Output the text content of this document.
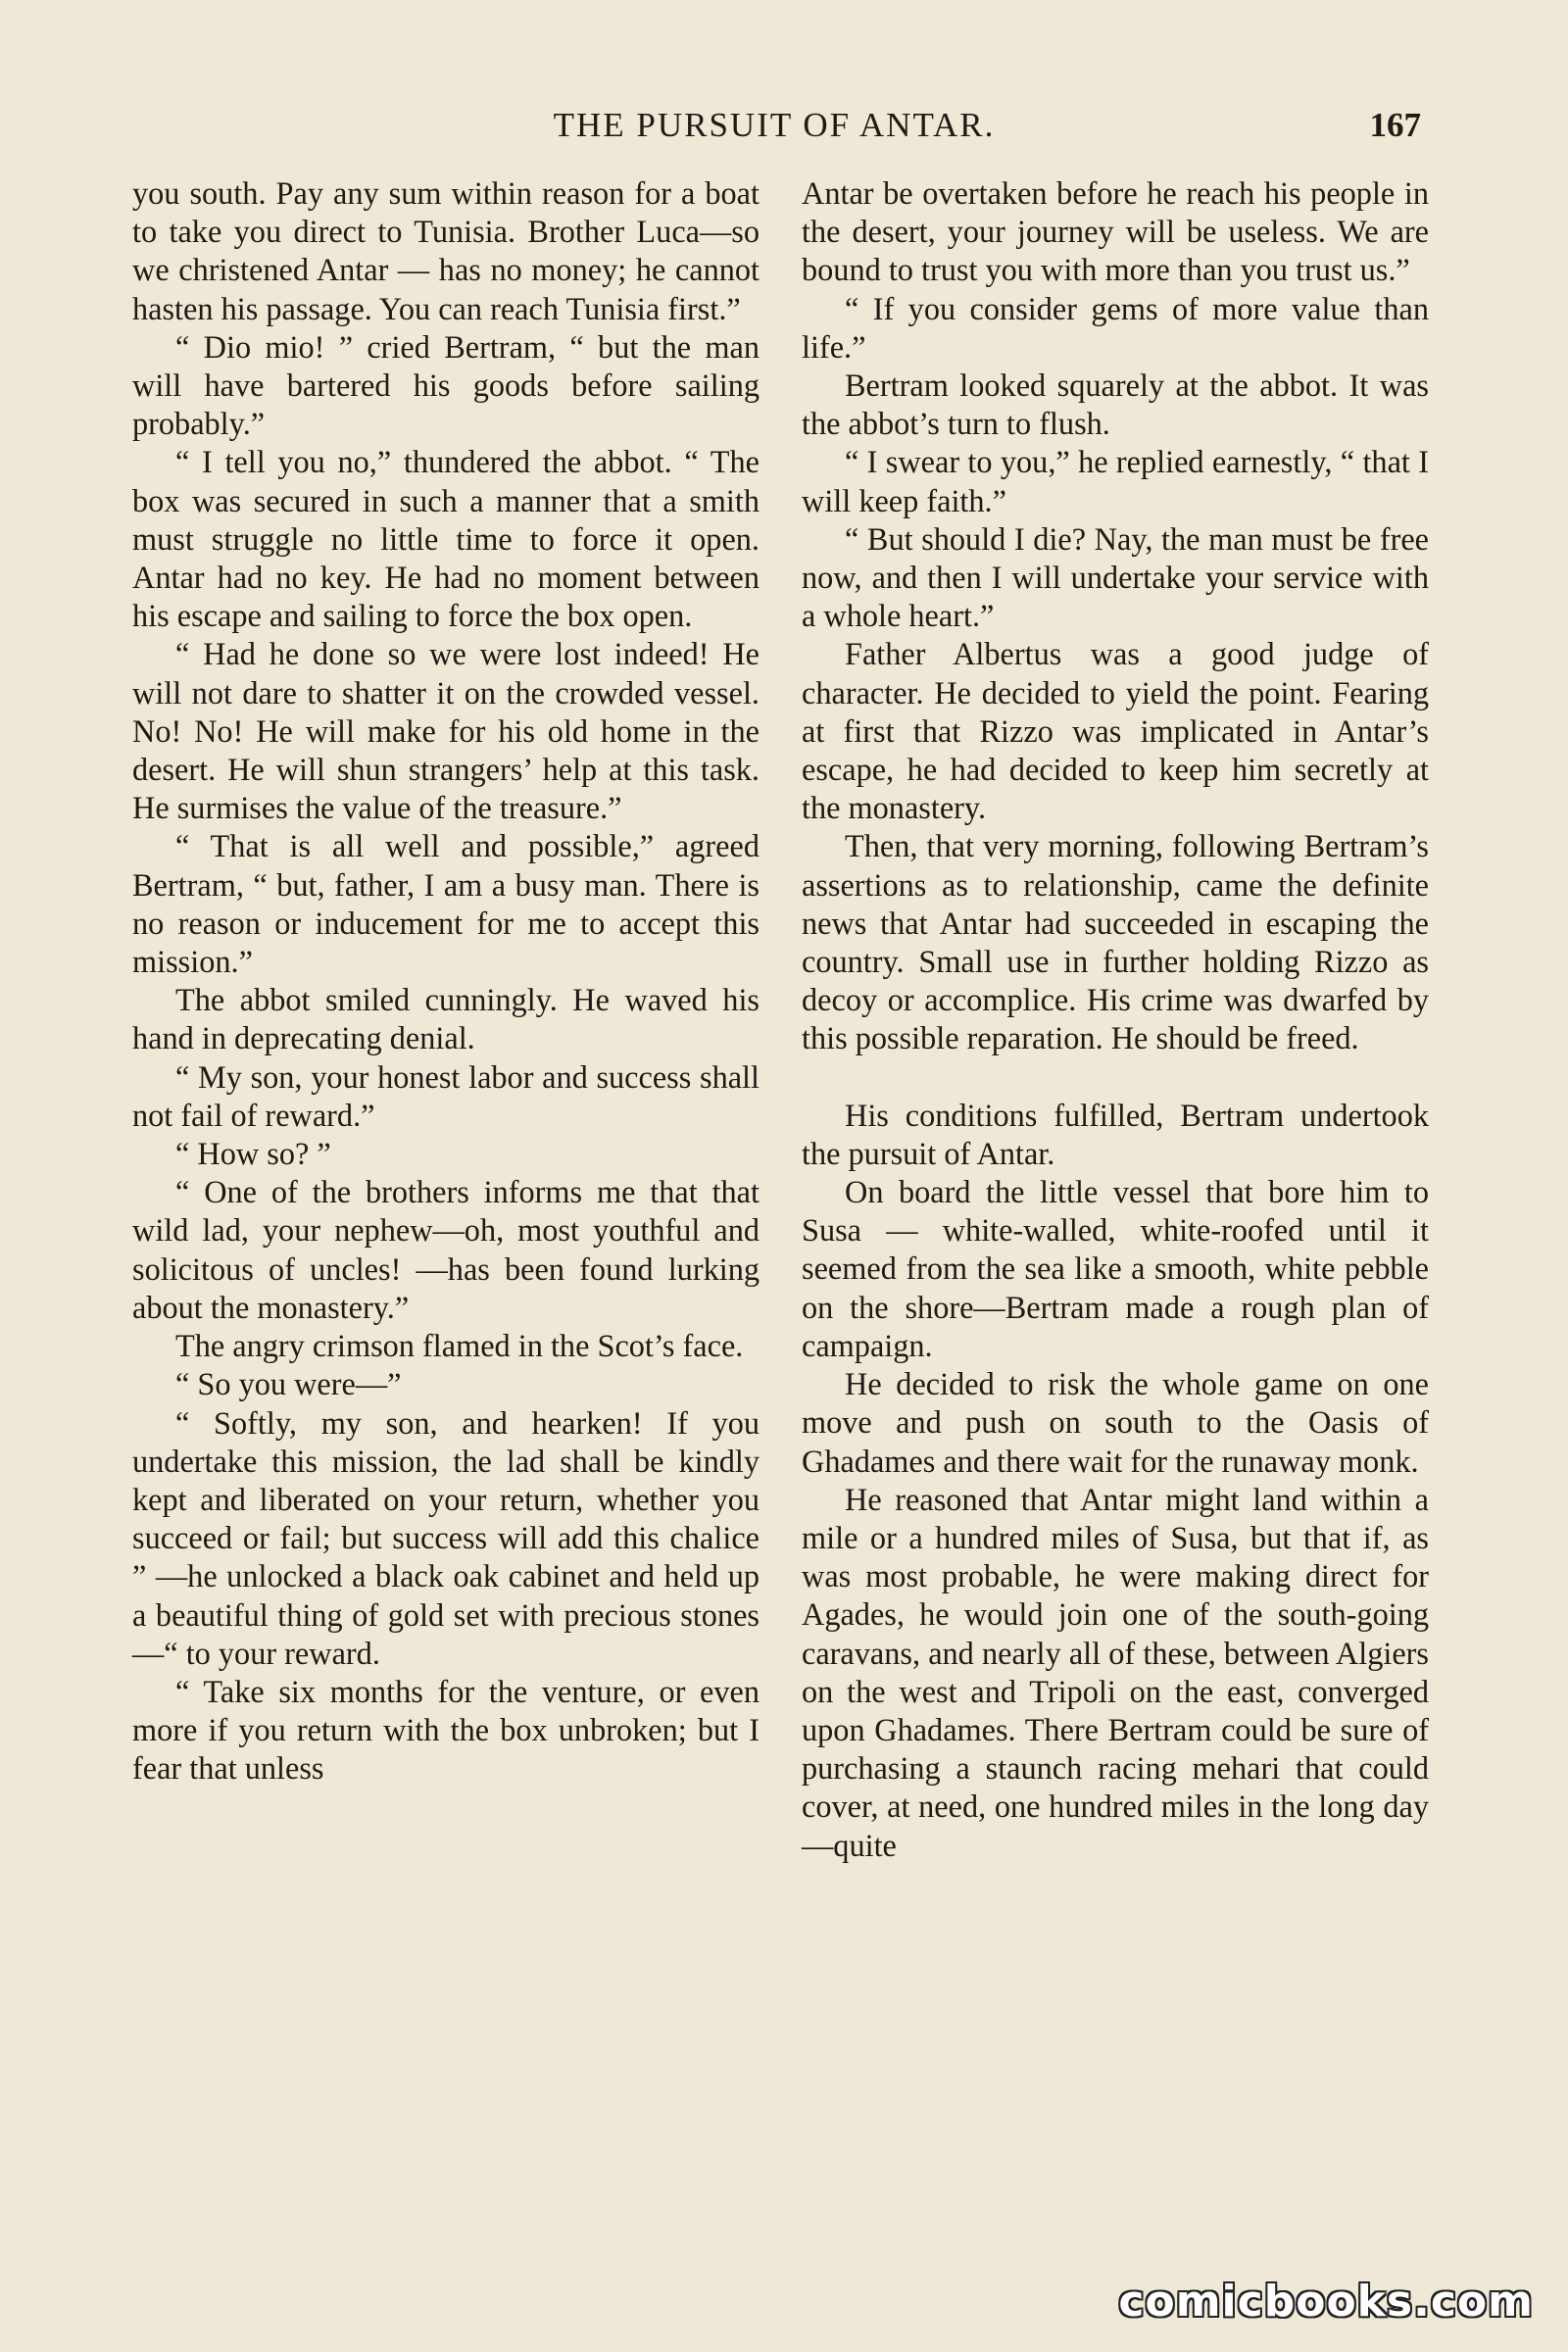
THE PURSUIT OF ANTAR.	167

you south. Pay any sum within reason for a boat to take you direct to Tunisia. Brother Luca—so we christened Antar — has no money; he cannot hasten his passage. You can reach Tunisia first.”

“ Dio mio! ” cried Bertram, “ but the man will have bartered his goods before sailing probably.”

“ I tell you no,” thundered the abbot. “ The box was secured in such a manner that a smith must struggle no little time to force it open. Antar had no key. He had no moment between his escape and sailing to force the box open.

“ Had he done so we were lost indeed! He will not dare to shatter it on the crowded vessel. No! No! He will make for his old home in the desert. He will shun strangers’ help at this task. He surmises the value of the treasure.”

“ That is all well and possible,” agreed Bertram, “ but, father, I am a busy man. There is no reason or inducement for me to accept this mission.”

The abbot smiled cunningly. He waved his hand in deprecating denial.

“ My son, your honest labor and success shall not fail of reward.”

“ How so? ”

“ One of the brothers informs me that that wild lad, your nephew—oh, most youthful and solicitous of uncles! —has been found lurking about the monastery.”

The angry crimson flamed in the Scot’s face.

“ So you were—”

“ Softly, my son, and hearken! If you undertake this mission, the lad shall be kindly kept and liberated on your return, whether you succeed or fail; but success will add this chalice ” —he unlocked a black oak cabinet and held up a beautiful thing of gold set with precious stones—“ to your reward.

“ Take six months for the venture, or even more if you return with the box unbroken; but I fear that unless

Antar be overtaken before he reach his people in the desert, your journey will be useless. We are bound to trust you with more than you trust us.”

“ If you consider gems of more value than life.”

Bertram looked squarely at the abbot. It was the abbot’s turn to flush.

“ I swear to you,” he replied earnestly, “ that I will keep faith.”

“ But should I die? Nay, the man must be free now, and then I will undertake your service with a whole heart.”

Father Albertus was a good judge of character. He decided to yield the point. Fearing at first that Rizzo was implicated in Antar’s escape, he had decided to keep him secretly at the monastery.

Then, that very morning, following Bertram’s assertions as to relationship, came the definite news that Antar had succeeded in escaping the country. Small use in further holding Rizzo as decoy or accomplice. His crime was dwarfed by this possible reparation. He should be freed.

His conditions fulfilled, Bertram undertook the pursuit of Antar.

On board the little vessel that bore him to Susa — white-walled, white-roofed until it seemed from the sea like a smooth, white pebble on the shore—Bertram made a rough plan of campaign.

He decided to risk the whole game on one move and push on south to the Oasis of Ghadames and there wait for the runaway monk.

He reasoned that Antar might land within a mile or a hundred miles of Susa, but that if, as was most probable, he were making direct for Agades, he would join one of the south-going caravans, and nearly all of these, between Algiers on the west and Tripoli on the east, converged upon Ghadames. There Bertram could be sure of purchasing a staunch racing mehari that could cover, at need, one hundred miles in the long day—quite

comicbooks.com
